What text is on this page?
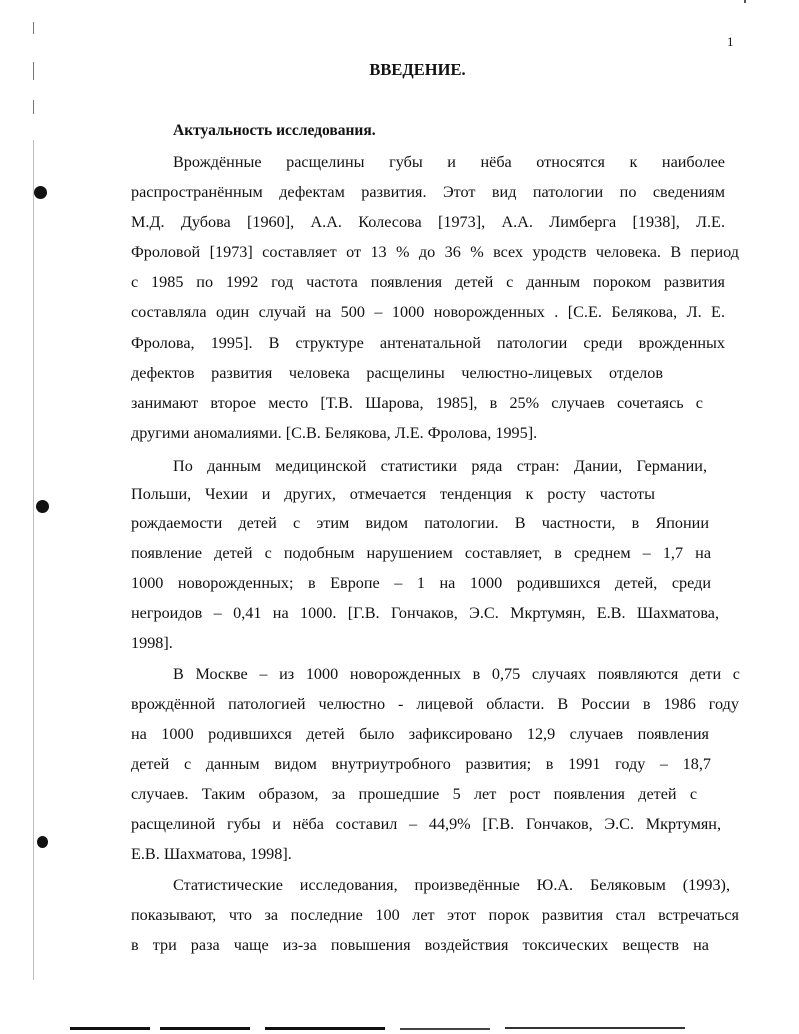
1
ВВЕДЕНИЕ.
Актуальность исследования.
Врождённые расщелины губы и нёба относятся к наиболее
распространённым дефектам развития. Этот вид патологии по сведениям
М.Д. Дубова [1960], А.А. Колесова [1973], А.А. Лимберга [1938], Л.Е.
Фроловой [1973] составляет от 13 % до 36 % всех уродств человека. В период
с 1985 по 1992 год частота появления детей с данным пороком развития
составляла один случай на 500 – 1000 новорожденных . [С.Е. Белякова, Л. Е.
Фролова, 1995]. В структуре антенатальной патологии среди врожденных
дефектов развития человека расщелины челюстно-лицевых отделов
занимают второе место [Т.В. Шарова, 1985], в 25% случаев сочетаясь с
другими аномалиями. [С.В. Белякова, Л.Е. Фролова, 1995].
По данным медицинской статистики ряда стран: Дании, Германии,
Польши, Чехии и других, отмечается тенденция к росту частоты
рождаемости детей с этим видом патологии. В частности, в Японии
появление детей с подобным нарушением составляет, в среднем – 1,7 на
1000 новорожденных; в Европе – 1 на 1000 родившихся детей, среди
негроидов – 0,41 на 1000. [Г.В. Гончаков, Э.С. Мкртумян, Е.В. Шахматова,
1998].
В Москве – из 1000 новорожденных в 0,75 случаях появляются дети с
врождённой патологией челюстно - лицевой области. В России в 1986 году
на 1000 родившихся детей было зафиксировано 12,9 случаев появления
детей с данным видом внутриутробного развития; в 1991 году – 18,7
случаев. Таким образом, за прошедшие 5 лет рост появления детей с
расщелиной губы и нёба составил – 44,9% [Г.В. Гончаков, Э.С. Мкртумян,
Е.В. Шахматова, 1998].
Статистические исследования, произведённые Ю.А. Беляковым (1993),
показывают, что за последние 100 лет этот порок развития стал встречаться
в три раза чаще из-за повышения воздействия токсических веществ на
